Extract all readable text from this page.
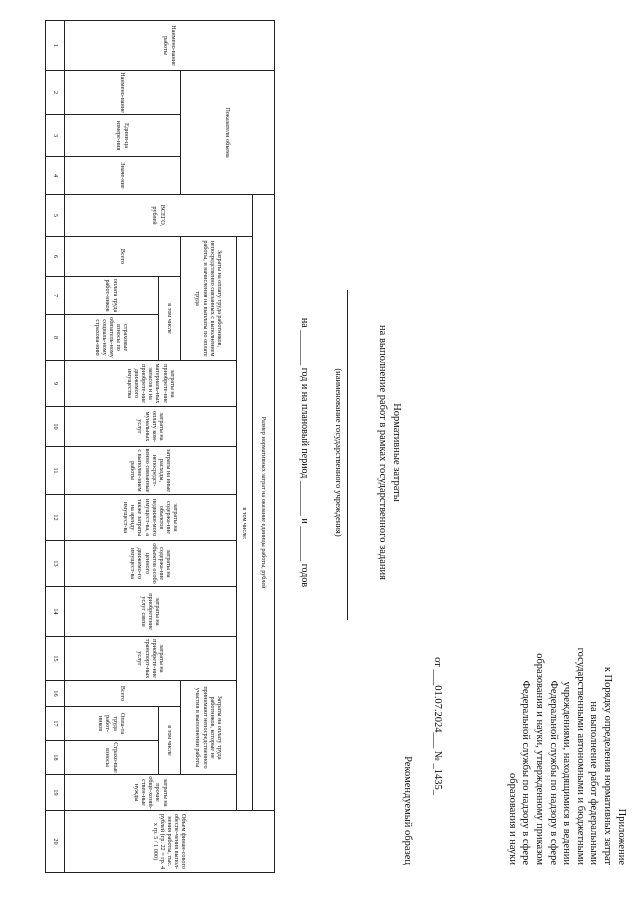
Приложение
к Порядку определения нормативных затрат
на выполнение работ федеральными
государственными автономными и бюджетными
учреждениями, находящимися в ведении
Федеральной службы по надзору в сфере
образования и науки, утвержденному приказом
Федеральной службы по надзору в сфере
образования и науки
от ___01.07.2024___ № _1435_
Рекомендуемый образец
Нормативные затраты
на выполнение работ в рамках государственного задания
(наименование государственного учреждения)
на _______ год и на плановый период _______ и _______ годов
Наимено-вание работы	Показатели объема			Размер нормативных затрат на оказание единицы работы, рублей															Объем финан-сового обеспе-чения выпол-нения работы, тыс. рублей (гр. 22 = гр. 4 x гр. 5 / 1 000)
				ВСЕГО, рублей	в том числе:														
					Затраты на оплату труда работников, непосредственно связанных с выполнением работы, и начисления на выплаты по оплате труда			затраты на приобрете-ние материаль-ных запасов и на приобрете-ние движимого имущества	затраты на оплату ком-мунальных услуг	затраты на иные расходы, непосредст-венно связанные с выполне-нием работы	затраты на содержа-ние объектов недвижи-мого имущест-ва, а также затраты на аренду имущест-ва	затраты на содержа-ние объектов особо ценного движимо-го имущест-ва	затраты на приобретение услуг связи	затраты на приобрете-ние транспорт-ных услуг	Затраты на оплату труда работников, которые не принимают непосредственного участия в выполнении работы			затраты на прочие обще-хозяй-ствен-ные нужды	
	Наимено-вание	Едини-ца измере-ния	Значе-ние		Всего	в том числе									Всего	в том числе			
						оплата труда работ-ников	страховые взносы по обязатель-ному социаль-ному страхова-нию									Опла-та труда работ-ников	Страхо-вые взносы		
1	2	3	4	5	6	7	8	9	10	11	12	13	14	15	16	17	18	19	20
